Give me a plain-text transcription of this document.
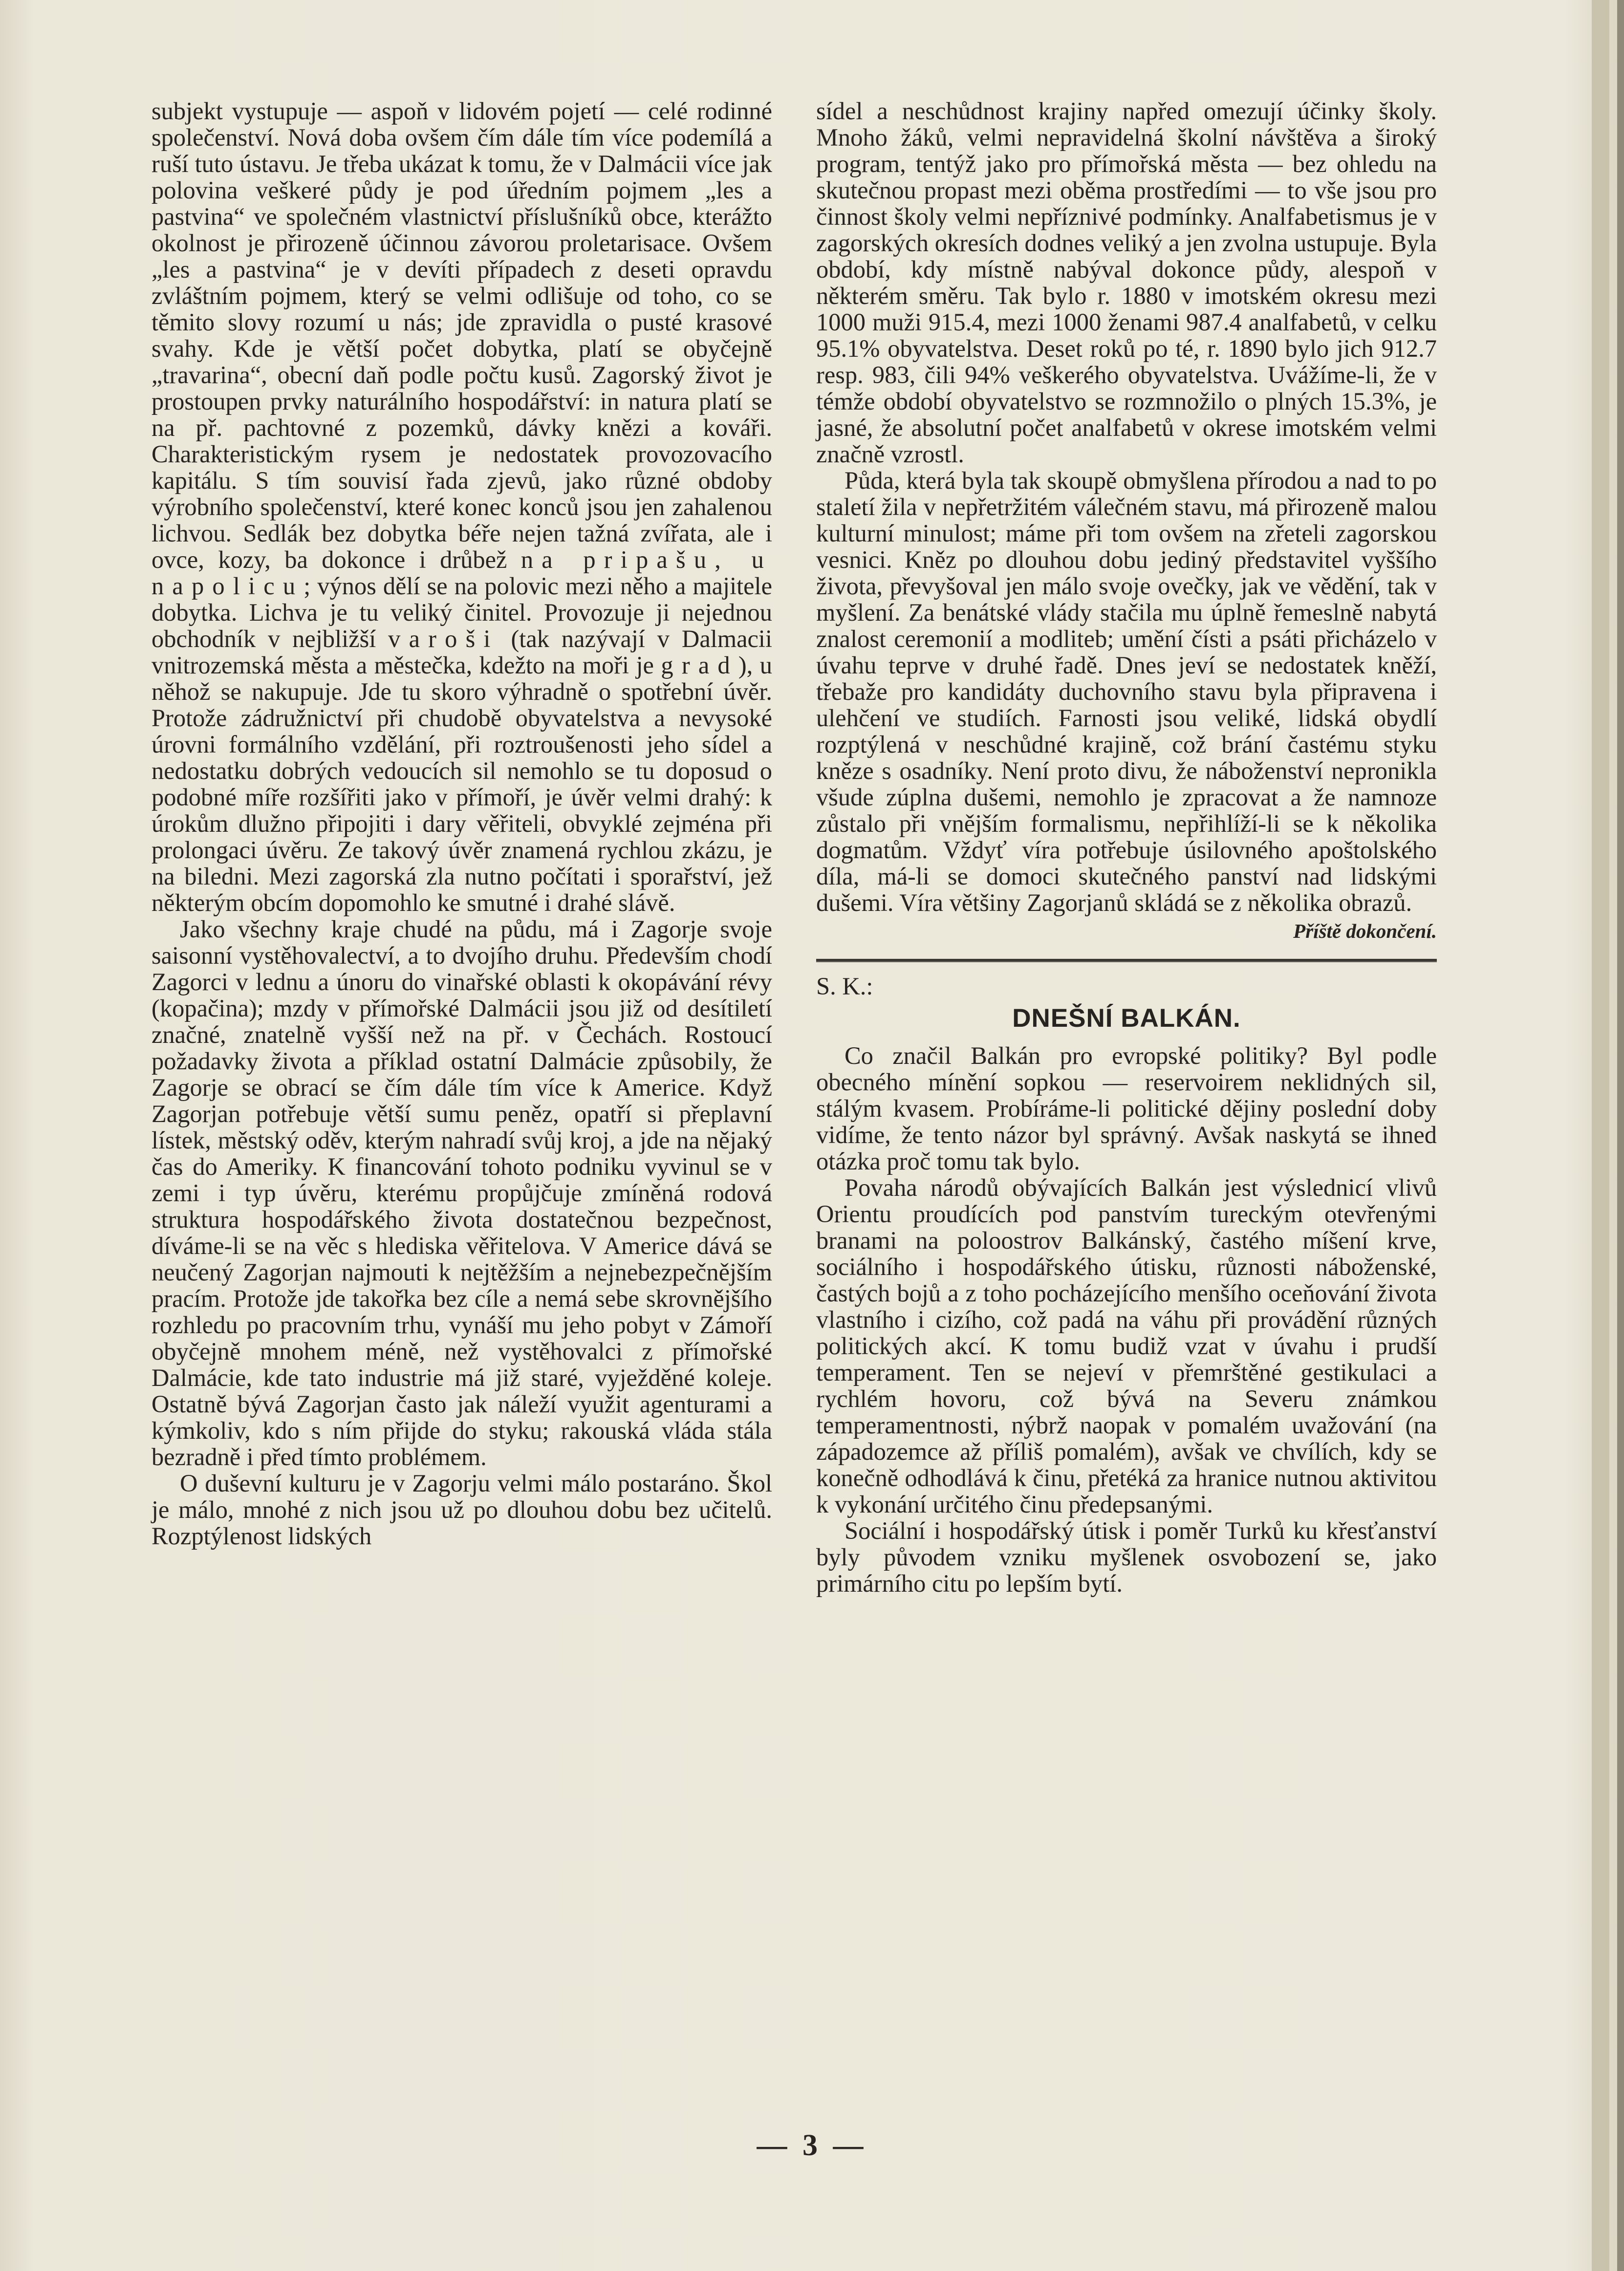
subjekt vystupuje — aspoň v lidovém pojetí — celé rodinné společenství. Nová doba ovšem čím dále tím více podemílá a ruší tuto ústavu. Je třeba ukázat k tomu, že v Dalmácii více jak polovina veškeré půdy je pod úředním pojmem „les a pastvina“ ve společném vlastnictví příslušníků obce, kterážto okolnost je přirozeně účinnou závorou proletarisace. Ovšem „les a pastvina“ je v devíti případech z deseti opravdu zvláštním pojmem, který se velmi odlišuje od toho, co se těmito slovy rozumí u nás; jde zpravidla o pusté krasové svahy. Kde je větší počet dobytka, platí se obyčejně „travarina“, obecní daň podle počtu kusů. Zagorský život je prostoupen prvky naturálního hospodářství: in natura platí se na př. pachtovné z pozemků, dávky knězi a kováři. Charakteristickým rysem je nedostatek provozovacího kapitálu. S tím souvisí řada zjevů, jako různé obdoby výrobního společenství, které konec konců jsou jen zahalenou lichvou. Sedlák bez dobytka béře nejen tažná zvířata, ale i ovce, kozy, ba dokonce i drůbež na pripašu, u napolicu; výnos dělí se na polovic mezi něho a majitele dobytka. Lichva je tu veliký činitel. Provozuje ji nejednou obchodník v nejbližší varoši (tak nazývají v Dalmacii vnitrozemská města a městečka, kdežto na moři je grad), u něhož se nakupuje. Jde tu skoro výhradně o spotřební úvěr. Protože zádružnictví při chudobě obyvatelstva a nevysoké úrovni formálního vzdělání, při roztroušenosti jeho sídel a nedostatku dobrých vedoucích sil nemohlo se tu doposud o podobné míře rozšířiti jako v přímoří, je úvěr velmi drahý: k úrokům dlužno připojiti i dary věřiteli, obvyklé zejména při prolongaci úvěru. Ze takový úvěr znamená rychlou zkázu, je na biledni. Mezi zagorská zla nutno počítati i sporařství, jež některým obcím dopomohlo ke smutné i drahé slávě.

Jako všechny kraje chudé na půdu, má i Zagorje svoje saisonní vystěhovalectví, a to dvojího druhu. Především chodí Zagorci v lednu a únoru do vinařské oblasti k okopávání révy (kopačina); mzdy v přímořské Dalmácii jsou již od desítiletí značné, znatelně vyšší než na př. v Čechách. Rostoucí požadavky života a příklad ostatní Dalmácie způsobily, že Zagorje se obrací se čím dále tím více k Americe. Když Zagorjan potřebuje větší sumu peněz, opatří si přeplavní lístek, městský oděv, kterým nahradí svůj kroj, a jde na nějaký čas do Ameriky. K financování tohoto podniku vyvinul se v zemi i typ úvěru, kterému propůjčuje zmíněná rodová struktura hospodářského života dostatečnou bezpečnost, díváme-li se na věc s hlediska věřitelova. V Americe dává se neučený Zagorjan najmouti k nejtěžším a nejnebezpečnějším pracím. Protože jde takořka bez cíle a nemá sebe skrovnějšího rozhledu po pracovním trhu, vynáší mu jeho pobyt v Zámoří obyčejně mnohem méně, než vystěhovalci z přímořské Dalmácie, kde tato industrie má již staré, vyježděné koleje. Ostatně bývá Zagorjan často jak náleží využit agenturami a kýmkoliv, kdo s ním přijde do styku; rakouská vláda stála bezradně i před tímto problémem.

O duševní kulturu je v Zagorju velmi málo postaráno. Škol je málo, mnohé z nich jsou už po dlouhou dobu bez učitelů. Rozptýlenost lidských

sídel a neschůdnost krajiny napřed omezují účinky školy. Mnoho žáků, velmi nepravidelná školní návštěva a široký program, tentýž jako pro přímořská města — bez ohledu na skutečnou propast mezi oběma prostředími — to vše jsou pro činnost školy velmi nepříznivé podmínky. Analfabetismus je v zagorských okresích dodnes veliký a jen zvolna ustupuje. Byla období, kdy místně nabýval dokonce půdy, alespoň v některém směru. Tak bylo r. 1880 v imotském okresu mezi 1000 muži 915.4, mezi 1000 ženami 987.4 analfabetů, v celku 95.1% obyvatelstva. Deset roků po té, r. 1890 bylo jich 912.7 resp. 983, čili 94% veškerého obyvatelstva. Uvážíme-li, že v témže období obyvatelstvo se rozmnožilo o plných 15.3%, je jasné, že absolutní počet analfabetů v okrese imotském velmi značně vzrostl.

Půda, která byla tak skoupě obmyšlena přírodou a nad to po staletí žila v nepřetržitém válečném stavu, má přirozeně malou kulturní minulost; máme při tom ovšem na zřeteli zagorskou vesnici. Kněz po dlouhou dobu jediný představitel vyššího života, převyšoval jen málo svoje ovečky, jak ve vědění, tak v myšlení. Za benátské vlády stačila mu úplně řemeslně nabytá znalost ceremonií a modliteb; umění čísti a psáti přicházelo v úvahu teprve v druhé řadě. Dnes jeví se nedostatek kněží, třebaže pro kandidáty duchovního stavu byla připravena i ulehčení ve studiích. Farnosti jsou veliké, lidská obydlí rozptýlená v neschůdné krajině, což brání častému styku kněze s osadníky. Není proto divu, že náboženství nepronikla všude zúplna dušemi, nemohlo je zpracovat a že namnoze zůstalo při vnějším formalismu, nepřihlíží-li se k několika dogmatům. Vždyť víra potřebuje úsilovného apoštolského díla, má-li se domoci skutečného panství nad lidskými dušemi. Víra většiny Zagorjanů skládá se z několika obrazů.
Příště dokončení.

S. K.:

DNEŠNÍ BALKÁN.

Co značil Balkán pro evropské politiky? Byl podle obecného mínění sopkou — reservoirem neklidných sil, stálým kvasem. Probíráme-li politické dějiny poslední doby vidíme, že tento názor byl správný. Avšak naskytá se ihned otázka proč tomu tak bylo.

Povaha národů obývajících Balkán jest výslednicí vlivů Orientu proudících pod panstvím tureckým otevřenými branami na poloostrov Balkánský, častého míšení krve, sociálního i hospodářského útisku, různosti náboženské, častých bojů a z toho pocházejícího menšího oceňování života vlastního i cizího, což padá na váhu při provádění různých politických akcí. K tomu budiž vzat v úvahu i prudší temperament. Ten se nejeví v přemrštěné gestikulaci a rychlém hovoru, což bývá na Severu známkou temperamentnosti, nýbrž naopak v pomalém uvažování (na západozemce až příliš pomalém), avšak ve chvílích, kdy se konečně odhodlává k činu, přetéká za hranice nutnou aktivitou k vykonání určitého činu předepsanými.

Sociální i hospodářský útisk i poměr Turků ku křesťanství byly původem vzniku myšlenek osvobození se, jako primárního citu po lepším bytí.

— 3 —
